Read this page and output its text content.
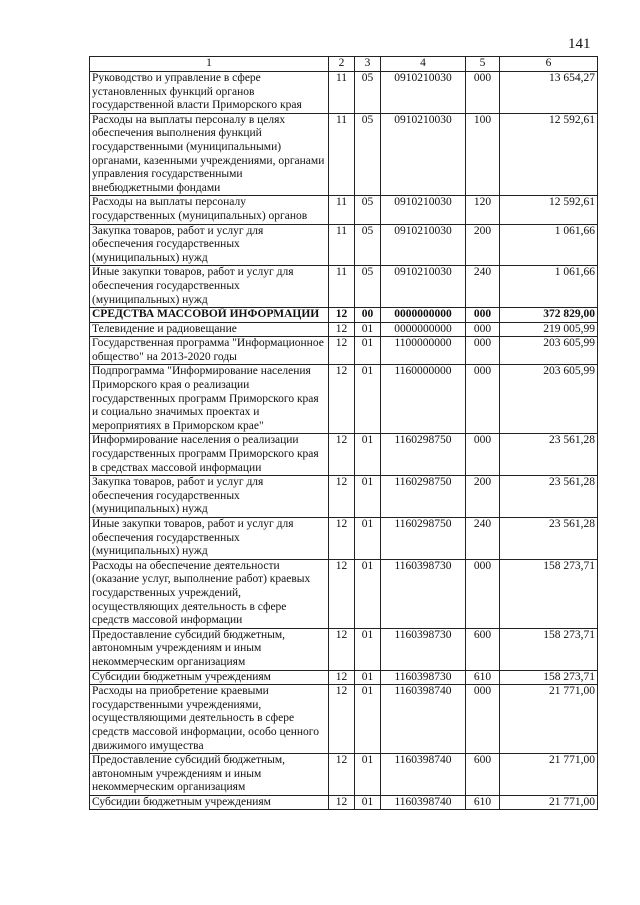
141
1	2	3	4	5	6
Руководство и управление в сфере установленных функций органов государственной власти Приморского края	11	05	0910210030	000	13 654,27
Расходы на выплаты персоналу в целях обеспечения выполнения функций государственными (муниципальными) органами, казенными учреждениями, органами управления государственными внебюджетными фондами	11	05	0910210030	100	12 592,61
Расходы на выплаты персоналу государственных (муниципальных) органов	11	05	0910210030	120	12 592,61
Закупка товаров, работ и услуг для обеспечения государственных (муниципальных) нужд	11	05	0910210030	200	1 061,66
Иные закупки товаров, работ и услуг для обеспечения государственных (муниципальных) нужд	11	05	0910210030	240	1 061,66
СРЕДСТВА МАССОВОЙ ИНФОРМАЦИИ	12	00	0000000000	000	372 829,00
Телевидение и радиовещание	12	01	0000000000	000	219 005,99
Государственная программа "Информационное общество" на 2013-2020 годы	12	01	1100000000	000	203 605,99
Подпрограмма "Информирование населения Приморского края о реализации государственных программ Приморского края и социально значимых проектах и мероприятиях в Приморском крае"	12	01	1160000000	000	203 605,99
Информирование населения о реализации государственных программ Приморского края в средствах массовой информации	12	01	1160298750	000	23 561,28
Закупка товаров, работ и услуг для обеспечения государственных (муниципальных) нужд	12	01	1160298750	200	23 561,28
Иные закупки товаров, работ и услуг для обеспечения государственных (муниципальных) нужд	12	01	1160298750	240	23 561,28
Расходы на обеспечение деятельности (оказание услуг, выполнение работ) краевых государственных учреждений, осуществляющих деятельность в сфере средств массовой информации	12	01	1160398730	000	158 273,71
Предоставление субсидий бюджетным, автономным учреждениям и иным некоммерческим организациям	12	01	1160398730	600	158 273,71
Субсидии бюджетным учреждениям	12	01	1160398730	610	158 273,71
Расходы на приобретение краевыми государственными учреждениями, осуществляющими деятельность в сфере средств массовой информации, особо ценного движимого имущества	12	01	1160398740	000	21 771,00
Предоставление субсидий бюджетным, автономным учреждениям и иным некоммерческим организациям	12	01	1160398740	600	21 771,00
Субсидии бюджетным учреждениям	12	01	1160398740	610	21 771,00
